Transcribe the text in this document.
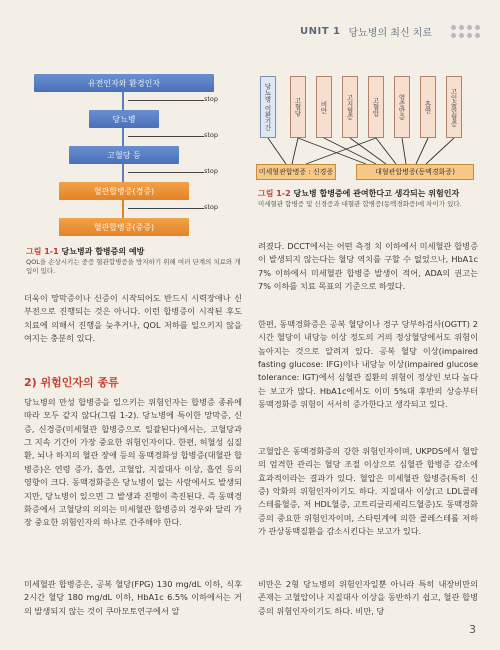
UNIT 1 당뇨병의 최신 치료
유전인자와 환경인자
당뇨병
고혈당 등
혈관합병증(경증)
혈관합병증(중증)
stop
stop
stop
stop
그림 1-1 당뇨병과 합병증의 예방
QOL을 손상시키는 중증 혈관합병증을 방지하기 위해 여러 단계의 치료와 개입이 있다.
당뇨병 이환기간	고혈당	비만	고지혈증	고혈압	염증반응	흡연	고인슐린혈증
미세혈관합병증 : 신경증	대혈관합병증(동맥경화증)
그림 1-2 당뇨병 합병증에 관여한다고 생각되는 위험인자
미세혈관 합병증 및 신경증과 대혈관 합병증(동맥경화증)에 차이가 있다.
더욱이 망막증이나 신증이 시작되어도 반드시 시력장애나 신부전으로 진행되는 것은 아니다. 이런 합병증이 시작된 후도 치료에 의해서 진행을 늦추거나, QOL 저하를 일으키지 않을 여지는 충분히 있다.
2) 위험인자의 종류
당뇨병의 만성 합병증을 일으키는 위험인자는 합병증 종류에 따라 모두 같지 않다(그림 1-2). 당뇨병에 특이한 망막증, 신증, 신경증(미세혈관 합병증으로 일괄된다)에서는, 고혈당과 그 지속 기간이 가장 중요한 위험인자이다. 한편, 허혈성 심질환, 뇌나 하지의 혈관 장애 등의 동맥경화성 합병증(대혈관 합병증)은 연령 증가, 흡연, 고혈압, 지질대사 이상, 흡연 등의 영향이 크다. 동맥경화증은 당뇨병이 없는 사람에서도 발생되지만, 당뇨병이 있으면 그 발생과 진행이 촉진된다. 즉 동맥경화증에서 고혈당의 의의는 미세혈관 합병증의 경우와 달리 가장 중요한 위험인자의 하나로 간주해야 한다.
미세혈관 합병증은, 공복 혈당(FPG) 130 mg/dL 이하, 식후 2시간 혈당 180 mg/dL 이하, HbA1c 6.5% 이하에서는 거의 발생되지 않는 것이 쿠마모토연구에서 알
려졌다. DCCT에서는 어떤 측정 치 이하에서 미세혈관 합병증이 발생되지 않는다는 혈당 역치를 구할 수 없었으나, HbA1c 7% 이하에서 미세혈관 합병증 발생이 적어, ADA의 권고는 7% 이하를 치료 목표의 기준으로 하였다.
한편, 동맥경화증은 공복 혈당이나 경구 당부하검사(OGTT) 2시간 혈당이 내당능 이상 정도의 거의 정상혈당에서도 위험이 높아지는 것으로 알려져 있다. 공복 혈당 이상(impaired fasting glucose: IFG)이나 내당능 이상(impaired glucose tolerance: IGT)에서 심혈관 질환의 위험이 정상인 보다 높다는 보고가 많다. HbA1c에서도 이미 5%대 후반의 상승부터 동맥경화증 위험이 서서히 증가한다고 생각되고 있다.
고혈압은 동맥경화증의 강한 위험인자이며, UKPDS에서 혈압의 엄격한 관리는 혈당 조절 이상으로 심혈관 합병증 감소에 효과적이라는 결과가 있다. 혈압은 미세혈관 합병증(특히 신증) 악화의 위험인자이기도 하다. 지질대사 이상(고 LDL콜레스테롤혈증, 저 HDL혈증, 고트리글리세리드혈증)도 동맥경화증의 중요한 위험인자이며, 스타틴계에 의한 콜레스테롤 저하가 관상동맥질환을 감소시킨다는 보고가 있다.
비만은 2형 당뇨병의 위험인자일뿐 아니라 특히 내장비만의 존재는 고혈압이나 지질대사 이상을 동반하기 쉽고, 혈관 합병증의 위험인자이기도 하다. 비만, 당
3
